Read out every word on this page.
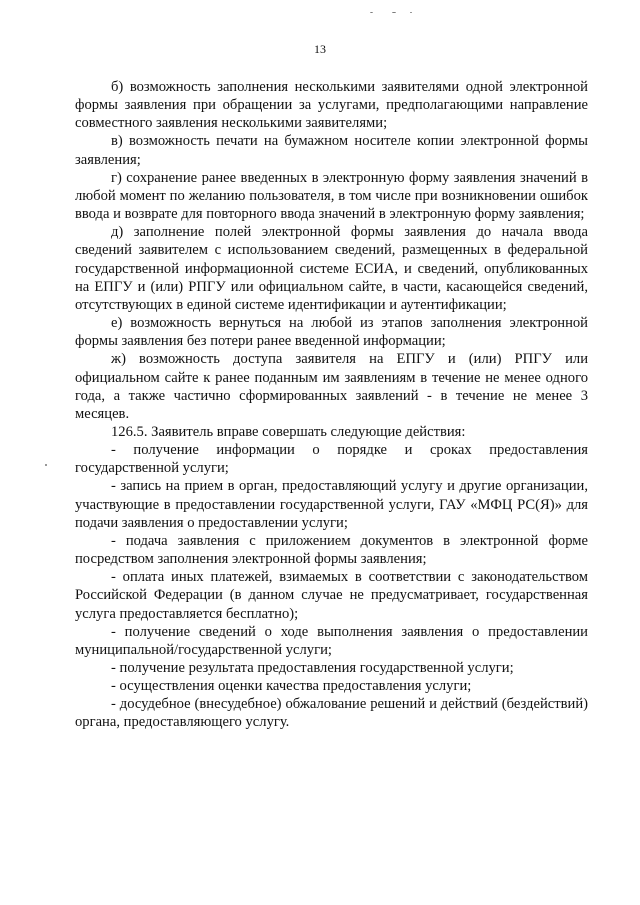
13

б) возможность заполнения несколькими заявителями одной электронной формы заявления при обращении за услугами, предполагающими направление совместного заявления несколькими заявителями;

в) возможность печати на бумажном носителе копии электронной формы заявления;

г) сохранение ранее введенных в электронную форму заявления значений в любой момент по желанию пользователя, в том числе при возникновении ошибок ввода и возврате для повторного ввода значений в электронную форму заявления;

д) заполнение полей электронной формы заявления до начала ввода сведений заявителем с использованием сведений, размещенных в федеральной государственной информационной системе ЕСИА, и сведений, опубликованных на ЕПГУ и (или) РПГУ или официальном сайте, в части, касающейся сведений, отсутствующих в единой системе идентификации и аутентификации;

е) возможность вернуться на любой из этапов заполнения электронной формы заявления без потери ранее введенной информации;

ж) возможность доступа заявителя на ЕПГУ и (или) РПГУ или официальном сайте к ранее поданным им заявлениям в течение не менее одного года, а также частично сформированных заявлений - в течение не менее 3 месяцев.

126.5. Заявитель вправе совершать следующие действия:

- получение информации о порядке и сроках предоставления государственной услуги;

- запись на прием в орган, предоставляющий услугу и другие организации, участвующие в предоставлении государственной услуги, ГАУ «МФЦ РС(Я)» для подачи заявления о предоставлении услуги;

- подача заявления с приложением документов в электронной форме посредством заполнения электронной формы заявления;

- оплата иных платежей, взимаемых в соответствии с законодательством Российской Федерации (в данном случае не предусматривает, государственная услуга предоставляется бесплатно);

- получение сведений о ходе выполнения заявления о предоставлении муниципальной/государственной услуги;

- получение результата предоставления государственной услуги;

- осуществления оценки качества предоставления услуги;

- досудебное (внесудебное) обжалование решений и действий (бездействий) органа, предоставляющего услугу.
